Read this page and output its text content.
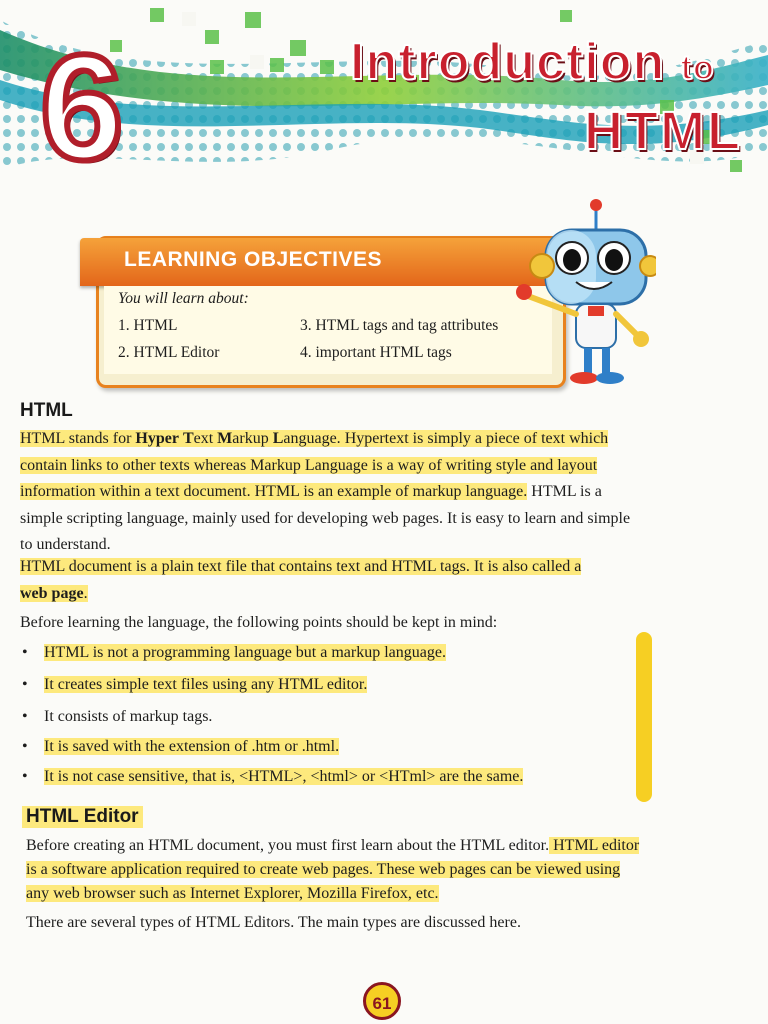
6	Introduction to
HTML
LEARNING OBJECTIVES
You will learn about:
1. HTML
2. HTML Editor
3. HTML tags and tag attributes
4. important HTML tags
HTML
HTML stands for Hyper Text Markup Language. Hypertext is simply a piece of text which
contain links to other texts whereas Markup Language is a way of writing style and layout
information within a text document. HTML is an example of markup language. HTML is a
simple scripting language, mainly used for developing web pages. It is easy to learn and simple
to understand.
HTML document is a plain text file that contains text and HTML tags. It is also called a
web page.
Before learning the language, the following points should be kept in mind:
• HTML is not a programming language but a markup language.
• It creates simple text files using any HTML editor.
• It consists of markup tags.
• It is saved with the extension of .htm or .html.
• It is not case sensitive, that is, <HTML>, <html> or <HTml> are the same.
HTML Editor
Before creating an HTML document, you must first learn about the HTML editor. HTML editor
is a software application required to create web pages. These web pages can be viewed using
any web browser such as Internet Explorer, Mozilla Firefox, etc.
There are several types of HTML Editors. The main types are discussed here.
61
